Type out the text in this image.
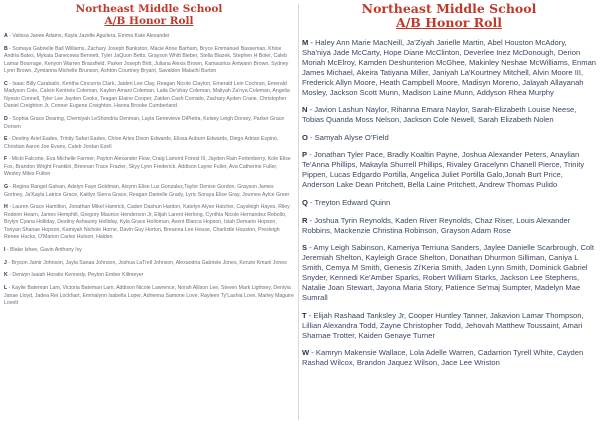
Northeast Middle School
A/B Honor Roll

A - Valissa Janee Adams, Kayla Jazelle Aguilera, Emma Kate Alexander

B - Somaya Gabrielle Ball Williams, Zachary Joseph Bankston, Macie Anne Barham, Bryce Emmanuel Basseman, Khloe Andria Bates, Mykaia Danecewa Bennett, Tyler JaQuon Betts, Grayson Whitt Bieber, Stella Blazek, Stephen H Boler, Caleb Lamar Bourrage, Kenyon Warren Brassfield, Parker Joseph Britt, Juliana Alexis Brown, Kamauirius Antwann Brown, Sydney Lynn Brown, Zymianna Michelle Brunson, Ashton Courtney Bryant, Savaldon Malachi Burton

C - Isaac Billy Carabailo, Kentha Cincurria Clark, Jaiden Lee Clay, Reagan Nicole Clayton, Emerald Lein Cochran, Emerald Madyson Cole, Calvin Kentreis Coleman, Kaylen Amani Coleman, Laila De'shay Coleman, Maliyah Za'nya Coleman, Angelia Nyesio Connell, Tyler Lee Jayden Cooks, Teagan Elaine Cooper, Zaiden Cash Corrado, Zachary Ayden Crane, Christopher Daniel Creighton Jr, Conner Eugene Creighton, Hanna Brooke Cumberland

D - Sophia Grace Dearing, Chemiyah LeShondria Denman, Layla Genevieve DiPietra, Kelsey Leigh Dorsey, Parker Grace Dorsen

E - Destiny Ariel Eades, Trinity Safari Eades, Chloe Aries Dixon Edwards, Elissa Auburn Edwards, Diego Adrian Espino, Christian Aaron Joe Evans, Caleb Jordan Ezell

F - Micki Falcone, Eva Michelle Farmer, Payton Alexander Flow, Craig Lamont Forest III, Jayden Rain Fortenberry, Kole Elise Fox, Brandon Wright Franklin, Brennan Trace Frazier, Skyy Lynn Frederick, Addison Layne Fuller, Ava Catherine Fuller, Wesley Miles Fulton

G - Regina Rangel Galvan, Adelyn Faye Goldman, Aisynn Elise Luz Gonzalez,Taylor Denise Gordon, Grayson James Gortney, Ja'Kayla Latrice Grace, Kaitlyn Sierra Grace, Reagan Danielle Grady, Lyric Soraya Elise Gray, Journee Aylce Greer

H - Lauren Grace Hamilton, Jonathan Mikel Hamrick, Caden Dashun Hardon, Katelyn Alyse Hatcher, Caysleigh Hayes, Riley Rodenn Hearn, James Hemphill, Gregory Maurice Henderson Jr, Elijah Larent Herlong, Cynthia Nicole Hernandez Rebollo, Brylyn Cyana Holliday, Destiny Ashaunty Holliday, Kyla Grace Holloman, Avent Blanca Hopson, Isiah Demario Hopson, Tonyan Shanae Hopson, Kamiyah Nichole Horne, Davin Guy Horton, Breanna Lee House, Charlistle Houston, Presleigh Renee Hucks, O'Marion Carlez Hutson, Haiden

I - Blake Ishee, Gavin Anthony Ivy

J - Bryson Jamir Johnson, Jayla Sanaa Johnson, Joshua LaTrell Johnson, Alexandria Gabriele Jones, Kenzie Kmarii Jones

K - Derwyn Isaiah Horatio Kennedy, Peyton Ember Killmeyer

L - Kaylie Bateman Lam, Victoria Bateman Lam, Addison Nicole Lawrence, Norah Allison Lee, Steven Mark Lightsey, Deniyia Janae Lloyd, Jadea Rei Lockhart, Emmalynn Isabella Loper, Adrienna Samone Love, Rayleen Ty'Lashia Love, Marley Maguire Lovett

Northeast Middle School
A/B Honor Roll

M - Haley Ann Marie MacNeill, Ja'Ziyah Jarielle Martin, Abel Houston McAdory, Sha'niya Jade McCarty, Hope Diane McClinton, Deverlee Inez McDonough, Derion Moriah McElroy, Kamden Deshunterion McGhee, Makinley Neshae McWilliams, Enman James Michael, Akeira Tatiyana Miller, Janiyah La'Kourtney Mitchell, Alvin Moore III, Frederick Allyn Moore, Heath Campbell Moore, Madisyn Moreno, Jalayah Allayanah Mosley, Jackson Scott Munn, Madison Laine Munn, Addyson Rhea Murphy

N - Javion Lashun Naylor, Rihanna Emara Naylor, Sarah-Elizabeth Louise Neese, Tobias Quanda Moss Nelson, Jackson Cole Newell, Sarah Elizabeth Nolen

O - Samyah Alyse O'Field

P - Jonathan Tyler Pace, Bradly Koaltin Payne, Joshua Alexander Peters, Anaylian Te'Anna Phillips, Makayla Shurrell Phillips, Rivaley Gracelynn Chanell Pierce, Trinity Pippen, Lucas Edgardo Portilla, Angelica Juliet Portilla Galo,Jonah Burt Price, Anderson Lake Dean Pritchett, Bella Laine Pritchett, Andrew Thomas Pulido

Q - Treyton Edward Quinn

R - Joshua Tyrin Reynolds, Kaden River Reynolds, Chaz Riser, Louis Alexander Robbins, Mackenzie Christina Robinson, Grayson Adam Rose

S - Amy Leigh Sabinson, Kameriya Terriuna Sanders, Jaylee Danielle Scarbrough, Colt Jeremiah Shelton, Kayleigh Grace Shelton, Donathan Dhurmon Silliman, Caniya L Smith, Cemya M Smith, Genesis Zi'Keria Smith, Jaden Lynn Smith, Dominick Gabriel Snyder, Kennedi Ke'Amber Sparks, Robert William Starks, Jackson Lee Stephens, Natalie Joan Stewart, Jayona Maria Story, Patience Se'maj Sumpter, Madelyn Mae Sumrall

T - Elijah Rashaad Tanksley Jr, Cooper Huntley Tanner, Jakavion Lamar Thompson, Lillian Alexandra Todd, Zayne Christopher Todd, Jehovah Matthew Toussaint, Amari Sharnae Trotter, Kaiden Genaye Turner

W - Kamryn Makensie Wallace, Lola Adelle Warren, Cadarrion Tyrell White, Cayden Rashad Wilcox, Brandon Jaquez Wilson, Jace Lee Wriston
